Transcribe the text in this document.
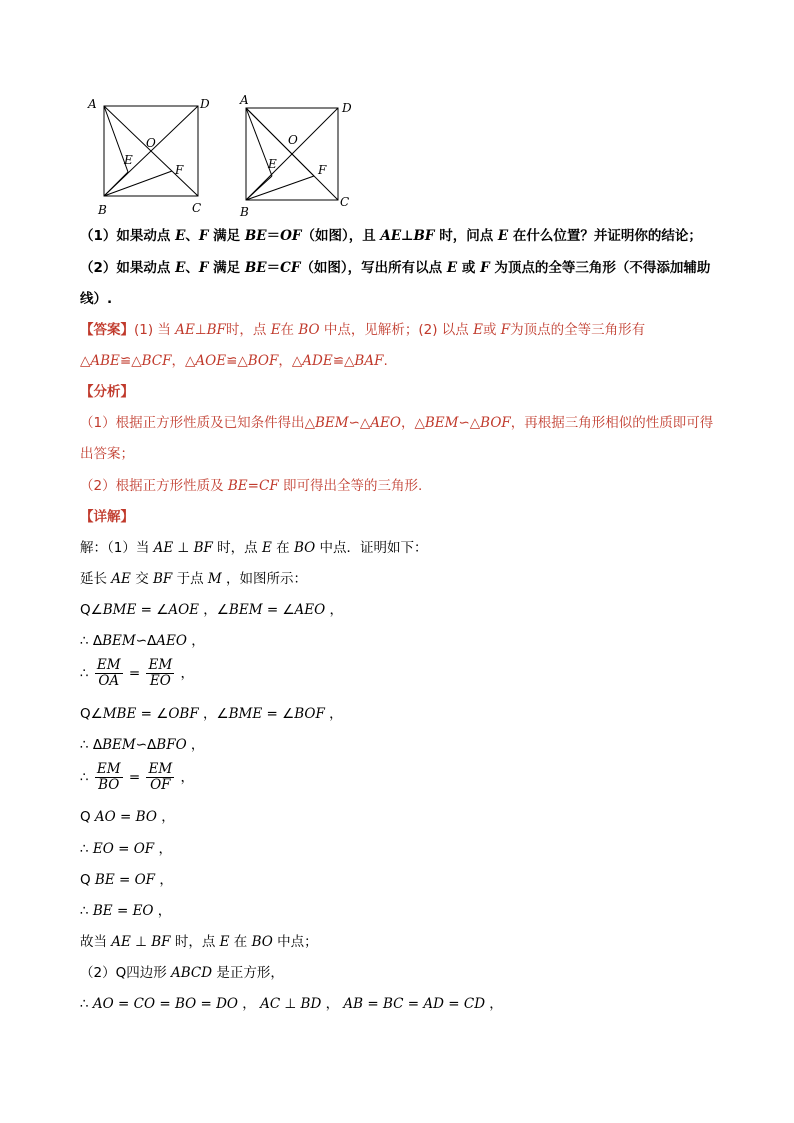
A	D
O
E
F
B	C
A
D
O
E	F
B
C
（1）如果动点 E、F 满足 BE＝OF（如图），且 AE⊥BF 时，问点 E 在什么位置？并证明你的结论；
（2）如果动点 E、F 满足 BE＝CF（如图），写出所有以点 E 或 F 为顶点的全等三角形（不得添加辅助
线）.
【答案】(1) 当 AE⊥BF时，点 E在 BO 中点，见解析；(2) 以点 E或 F为顶点的全等三角形有
△ABE≌△BCF，△AOE≌△BOF，△ADE≌△BAF.
【分析】
（1）根据正方形性质及已知条件得出△BEM∽△AEO，△BEM∽△BOF，再根据三角形相似的性质即可得
出答案；
（2）根据正方形性质及 BE=CF 即可得出全等的三角形.
【详解】
解：（1）当 AE ⊥ BF 时，点 E 在 BO 中点．证明如下：
延长 AE 交 BF 于点 M ，如图所示：
Q∠BME = ∠AOE ，∠BEM = ∠AEO ，
∴ ΔBEM∽ΔAEO ，
∴ $\frac{EM}{OA} = \frac{EM}{EO}$ ，
Q∠MBE = ∠OBF ，∠BME = ∠BOF ，
∴ ΔBEM∽ΔBFO ，
∴ $\frac{EM}{BO} = \frac{EM}{OF}$ ，
Q AO = BO ，
∴ EO = OF ，
Q BE = OF ，
∴ BE = EO ，
故当 AE ⊥ BF 时，点 E 在 BO 中点；
（2）Q四边形 ABCD 是正方形，
∴ AO = CO = BO = DO ， AC ⊥ BD ， AB = BC = AD = CD ，
